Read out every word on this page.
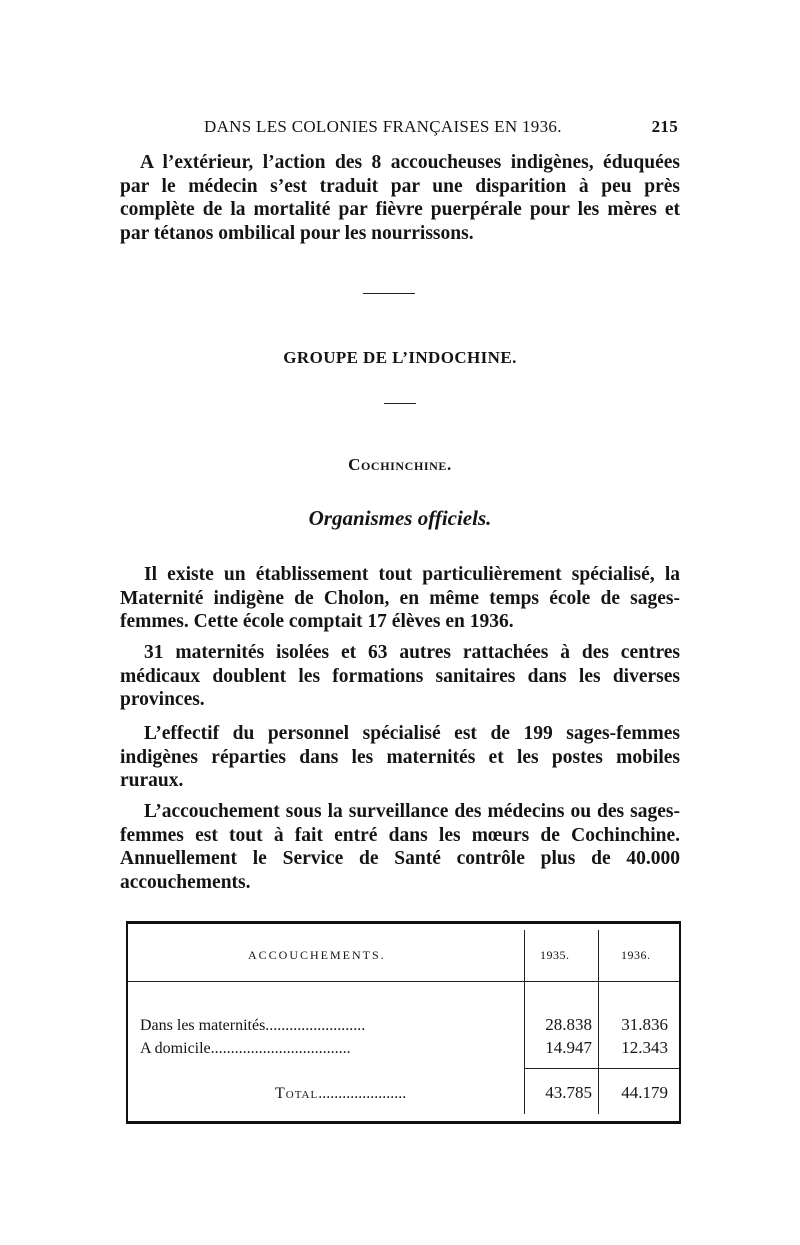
DANS LES COLONIES FRANÇAISES EN 1936.	215

A l’extérieur, l’action des 8 accoucheuses indigènes, éduquées par le médecin s’est traduit par une disparition à peu près complète de la mortalité par fièvre puerpérale pour les mères et par tétanos ombilical pour les nourrissons.

GROUPE DE L’INDOCHINE.

Cochinchine.

Organismes officiels.

Il existe un établissement tout particulièrement spécialisé, la Maternité indigène de Cholon, en même temps école de sages-femmes. Cette école comptait 17 élèves en 1936.

31 maternités isolées et 63 autres rattachées à des centres médicaux doublent les formations sanitaires dans les diverses provinces.

L’effectif du personnel spécialisé est de 199 sages-femmes indigènes réparties dans les maternités et les postes mobiles ruraux.

L’accouchement sous la surveillance des médecins ou des sages-femmes est tout à fait entré dans les mœurs de Cochinchine. Annuellement le Service de Santé contrôle plus de 40.000 accouchements.

ACCOUCHEMENTS.	1935.	1936.
Dans les maternités.........................	28.838	31.836
A domicile...................................	14.947	12.343
Total......................	43.785	44.179
